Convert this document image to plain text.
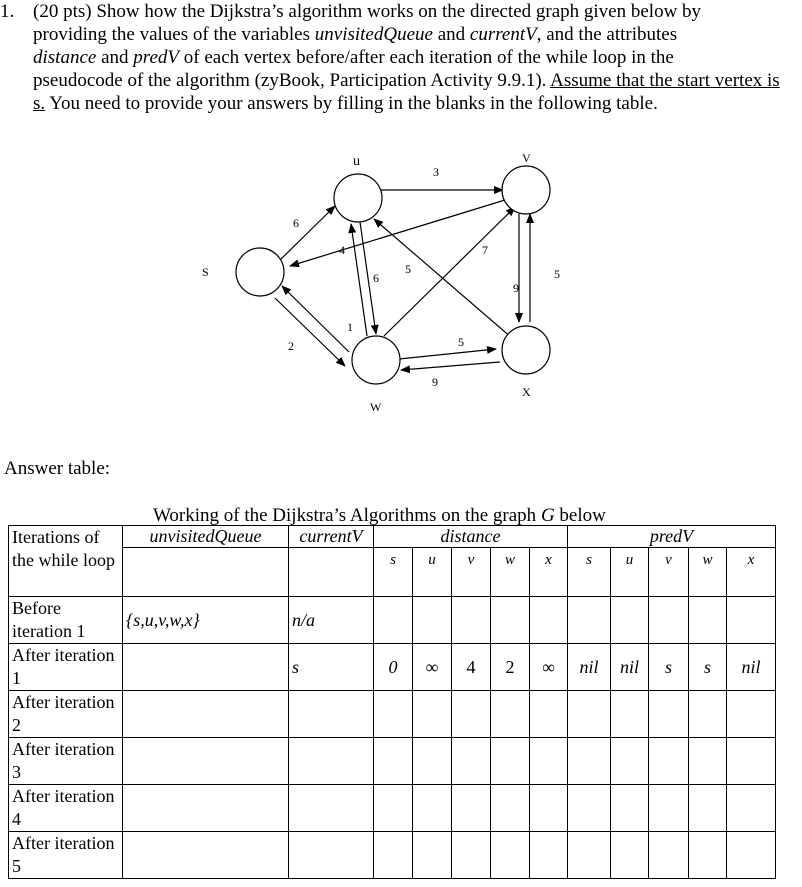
1. (20 pts) Show how the Dijkstra’s algorithm works on the directed graph given below by
providing the values of the variables unvisitedQueue and currentV, and the attributes
distance and predV of each vertex before/after each iteration of the while loop in the
pseudocode of the algorithm (zyBook, Participation Activity 9.9.1). Assume that the start vertex is s. You need to provide your answers by filling in the blanks in the following table.
u	V
S
W
X
3
6
4
6
1
5
7
9
5
2	5
9
Answer table:
Working of the Dijkstra’s Algorithms on the graph G below
Iterations of the while loop	unvisitedQueue	currentV	distance					predV				
			s	u	v	w	x	s	u	v	w	x
Before iteration 1	{s,u,v,w,x}	n/a										
After iteration 1		s	0	∞	4	2	∞	nil	nil	s	s	nil
After iteration 2												
After iteration 3												
After iteration 4												
After iteration 5												
